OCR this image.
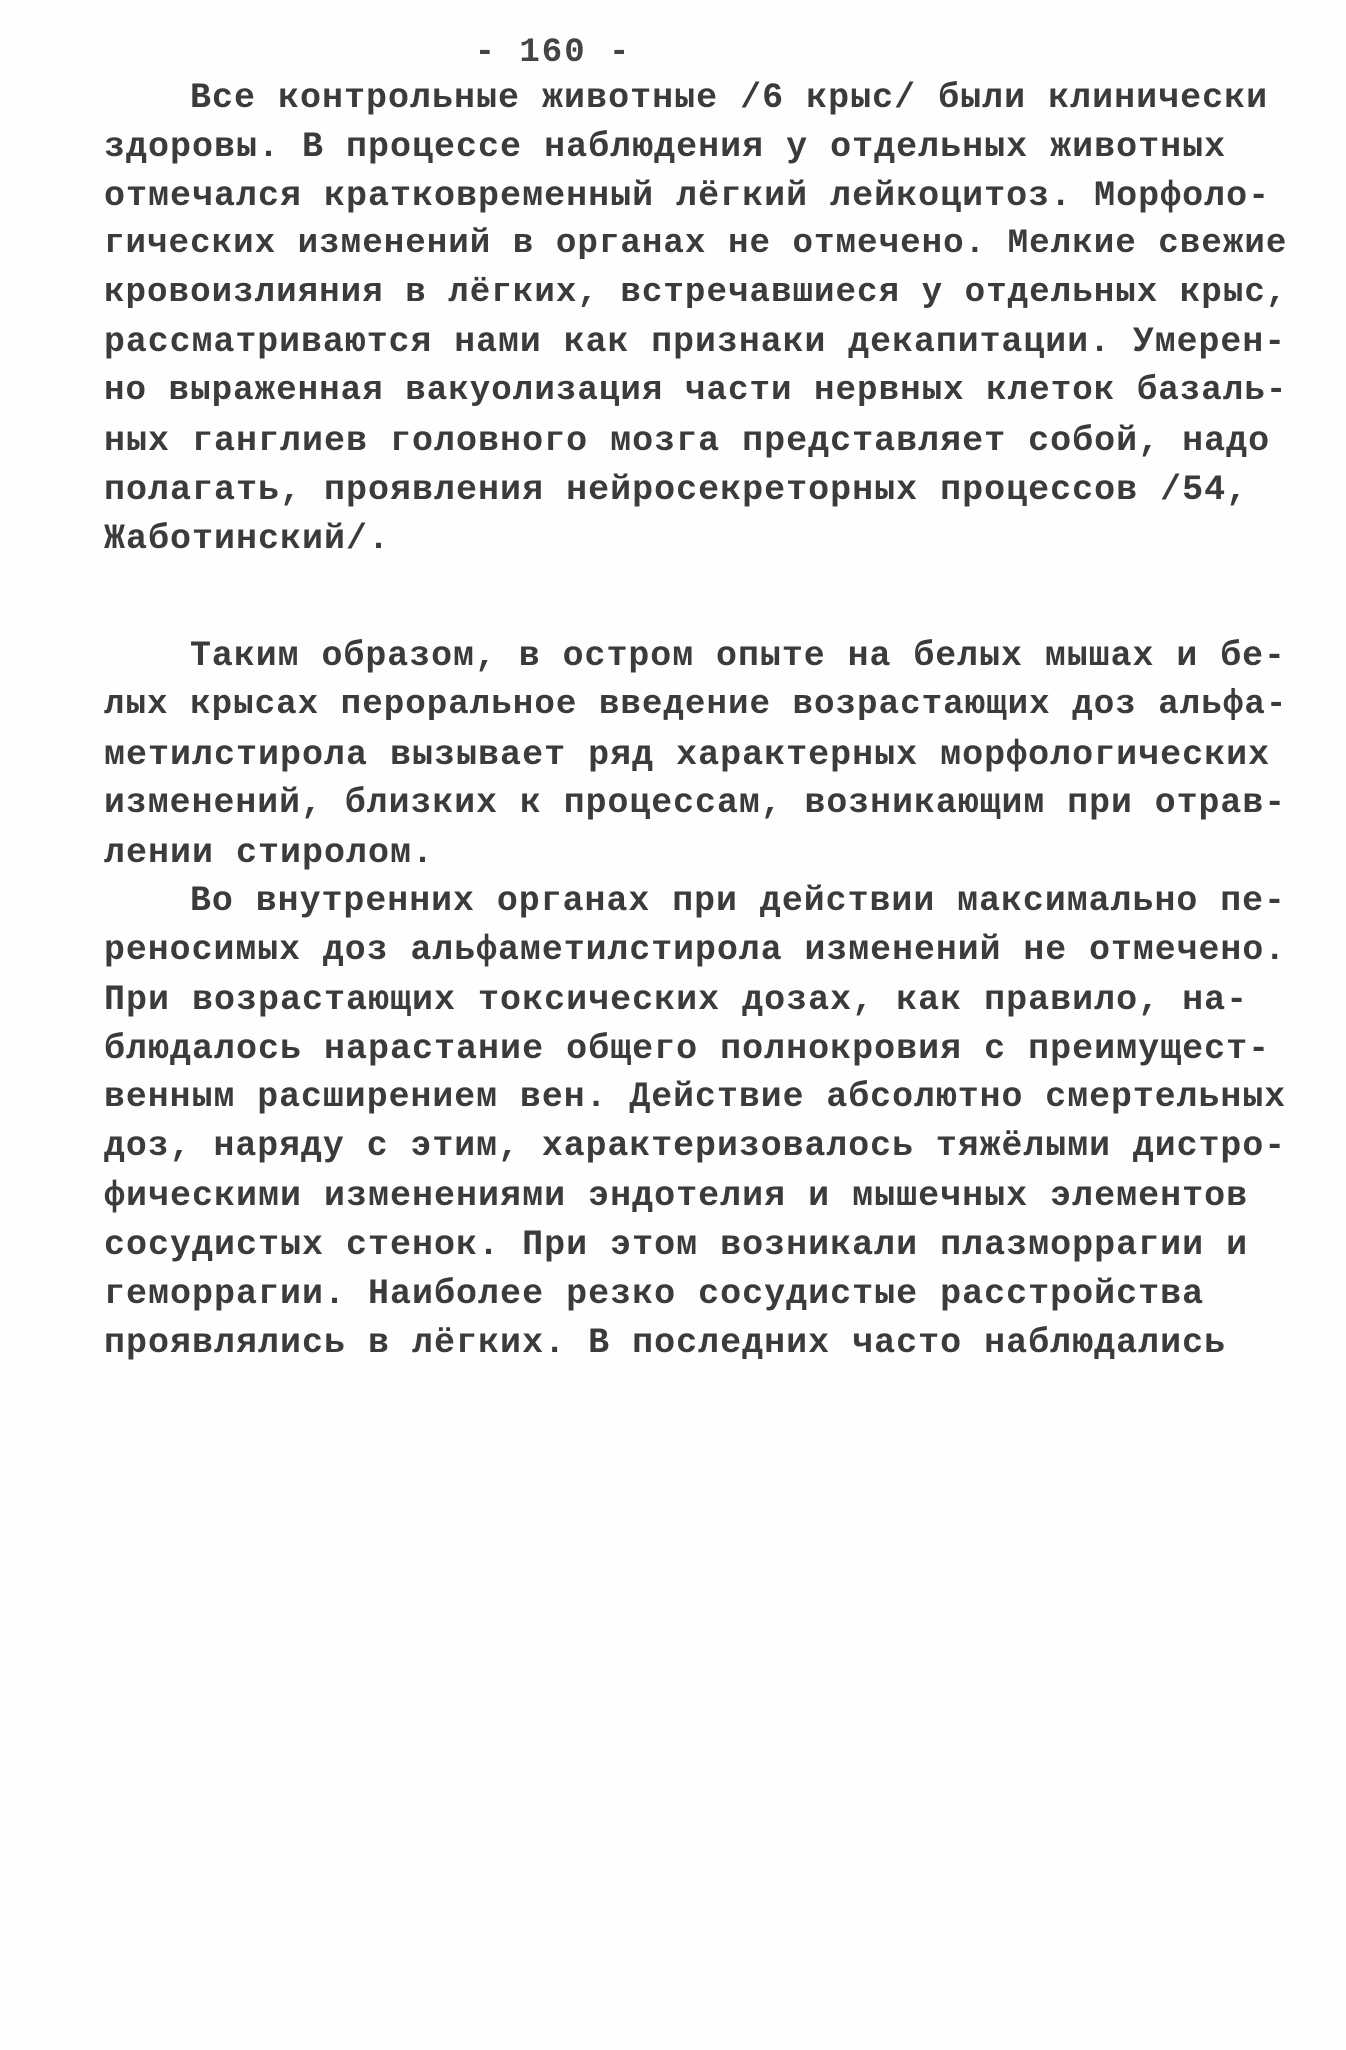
- 160 -
Все контрольные животные /6 крыс/ были клинически
здоровы. В процессе наблюдения у отдельных животных
отмечался кратковременный лёгкий лейкоцитоз. Морфоло-
гических изменений в органах не отмечено. Мелкие свежие
кровоизлияния в лёгких, встречавшиеся у отдельных крыс,
рассматриваются нами как признаки декапитации. Умерен-
но выраженная вакуолизация части нервных клеток базаль-
ных ганглиев головного мозга представляет собой, надо
полагать, проявления нейросекреторных процессов /54,
Жаботинский/.
Таким образом, в остром опыте на белых мышах и бе-
лых крысах пероральное введение возрастающих доз альфа-
метилстирола вызывает ряд характерных морфологических
изменений, близких к процессам, возникающим при отрав-
лении стиролом.
Во внутренних органах при действии максимально пе-
реносимых доз альфаметилстирола изменений не отмечено.
При возрастающих токсических дозах, как правило, на-
блюдалось нарастание общего полнокровия с преимущест-
венным расширением вен. Действие абсолютно смертельных
доз, наряду с этим, характеризовалось тяжёлыми дистро-
фическими изменениями эндотелия и мышечных элементов
сосудистых стенок. При этом возникали плазморрагии и
геморрагии. Наиболее резко сосудистые расстройства
проявлялись в лёгких. В последних часто наблюдались
